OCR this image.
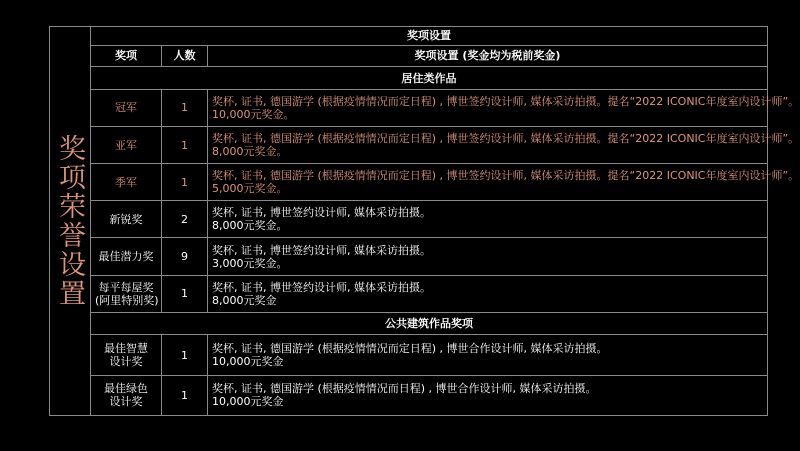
奖项荣誉设置
奖项设置		
奖项	人数	奖项设置 (奖金均为税前奖金)
居住类作品		
冠军	1	奖杯, 证书, 德国游学 (根据疫情情况而定日程) , 博世签约设计师, 媒体采访拍摄。提名“2022 ICONIC年度室内设计师”。
10,000元奖金。

亚军	1	奖杯, 证书, 德国游学 (根据疫情情况而定日程) , 博世签约设计师, 媒体采访拍摄。提名“2022 ICONIC年度室内设计师”。
8,000元奖金。

季军	1	奖杯, 证书, 德国游学 (根据疫情情况而定日程) , 博世签约设计师, 媒体采访拍摄。提名“2022 ICONIC年度室内设计师”。
5,000元奖金。

新锐奖	2	奖杯, 证书, 博世签约设计师, 媒体采访拍摄。
8,000元奖金。

最佳潜力奖	9	奖杯, 证书, 博世签约设计师, 媒体采访拍摄。
3,000元奖金。

每平每屋奖
(阿里特别奖)	1	奖杯, 证书, 博世签约设计师, 媒体采访拍摄。
8,000元奖金

公共建筑作品奖项		

最佳智慧
设计奖	1	奖杯, 证书, 德国游学 (根据疫情情况而定日程) , 博世合作设计师, 媒体采访拍摄。
10,000元奖金

最佳绿色
设计奖	1	奖杯, 证书, 德国游学 (根据疫情情况而日程) , 博世合作设计师, 媒体采访拍摄。
10,000元奖金
